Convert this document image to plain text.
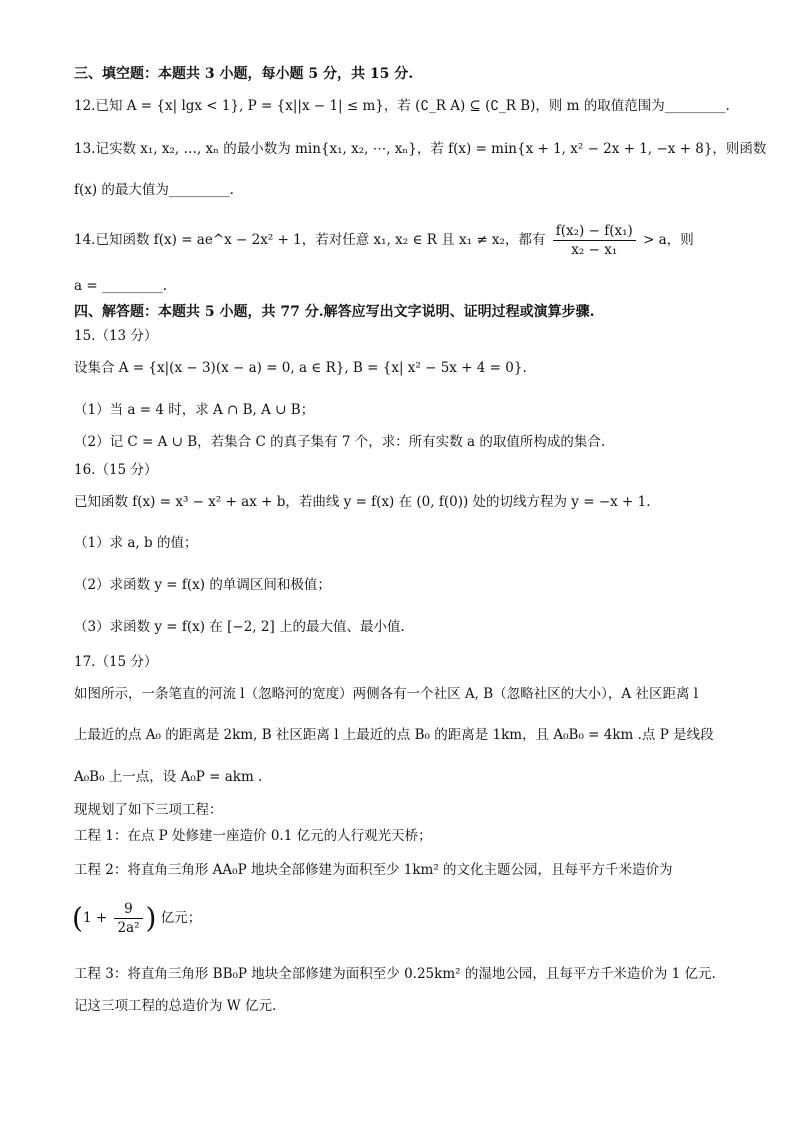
三、填空题：本题共 3 小题，每小题 5 分，共 15 分.
12.已知 A = {x| lgx < 1}, P = {x||x − 1| ≤ m}，若 (∁_R A) ⊆ (∁_R B)，则 m 的取值范围为_________.
13.记实数 x₁, x₂, …, xₙ 的最小数为 min{x₁, x₂, ⋯, xₙ}，若 f(x) = min{x + 1, x² − 2x + 1, −x + 8}，则函数
f(x) 的最大值为_________.
14.已知函数 f(x) = ae^x − 2x² + 1，若对任意 x₁, x₂ ∈ R 且 x₁ ≠ x₂，都有 $\frac{\text{f(x₂) − f(x₁)}}{\text{x₂ − x₁}} > a$，则
a = _________.
四、解答题：本题共 5 小题，共 77 分.解答应写出文字说明、证明过程或演算步骤.
15.（13 分）
设集合 A = {x|(x − 3)(x − a) = 0, a ∈ R}, B = {x| x² − 5x + 4 = 0}.
（1）当 a = 4 时，求 A ∩ B, A ∪ B；
（2）记 C = A ∪ B，若集合 C 的真子集有 7 个，求：所有实数 a 的取值所构成的集合.
16.（15 分）
已知函数 f(x) = x³ − x² + ax + b，若曲线 y = f(x) 在 (0, f(0)) 处的切线方程为 y = −x + 1.
（1）求 a, b 的值；
（2）求函数 y = f(x) 的单调区间和极值；
（3）求函数 y = f(x) 在 [−2, 2] 上的最大值、最小值.
17.（15 分）
如图所示，一条笔直的河流 l（忽略河的宽度）两侧各有一个社区 A, B（忽略社区的大小），A 社区距离 l
上最近的点 A₀ 的距离是 2km, B 社区距离 l 上最近的点 B₀ 的距离是 1km，且 A₀B₀ = 4km .点 P 是线段
A₀B₀ 上一点，设 A₀P = akm .
现规划了如下三项工程：
工程 1：在点 P 处修建一座造价 0.1 亿元的人行观光天桥；
工程 2：将直角三角形 AA₀P 地块全部修建为面积至少 1km² 的文化主题公园，且每平方千米造价为
($1 + \frac{9}{\text{2a²}}$ ) 亿元；
工程 3：将直角三角形 BB₀P 地块全部修建为面积至少 0.25km² 的湿地公园，且每平方千米造价为 1 亿元.
记这三项工程的总造价为 W 亿元.
